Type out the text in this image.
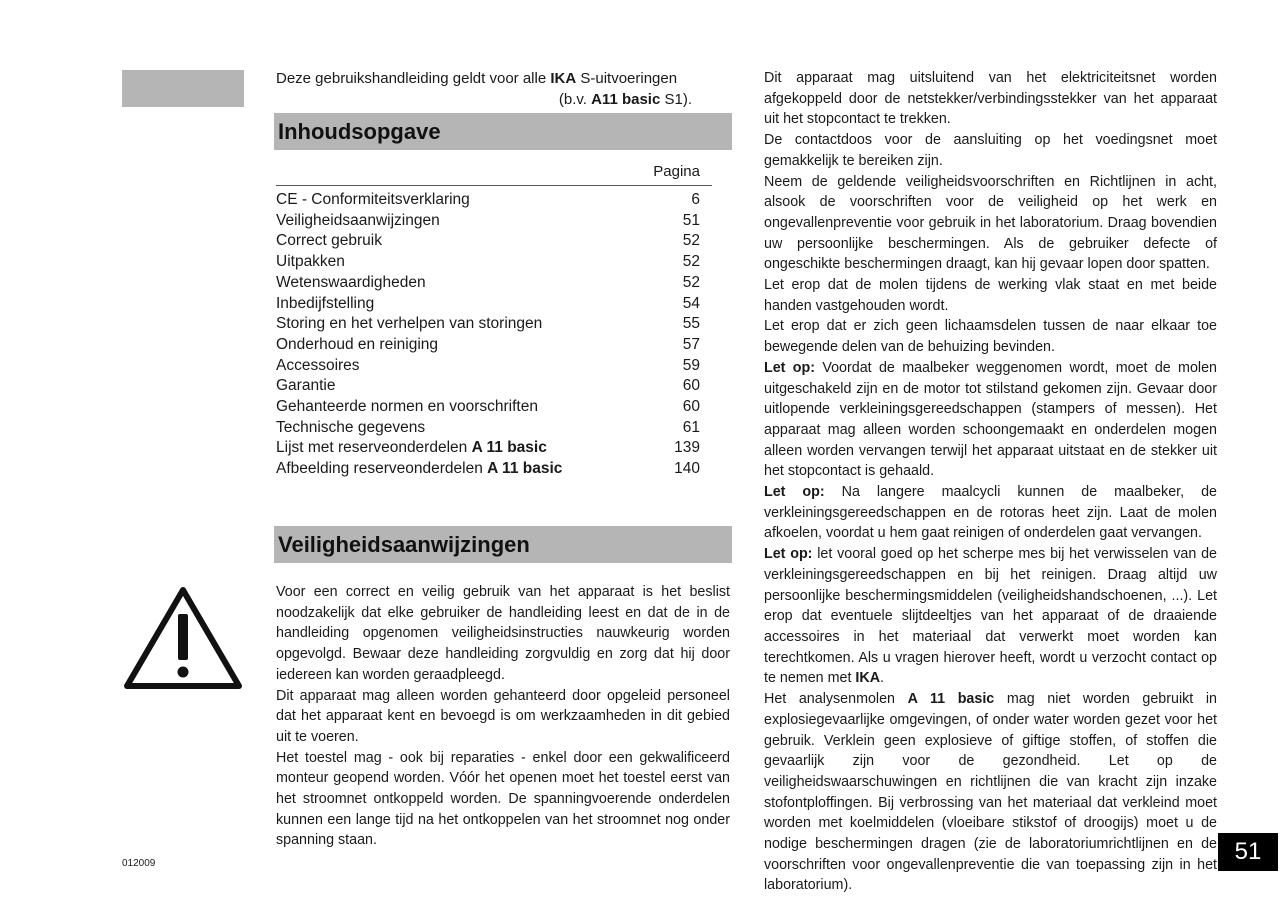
Deze gebruikshandleiding geldt voor alle IKA S-uitvoeringen
(b.v. A11 basic S1).
Inhoudsopgave
Pagina
CE - Conformiteitsverklaring	6
Veiligheidsaanwijzingen	51
Correct gebruik	52
Uitpakken	52
Wetenswaardigheden	52
Inbedijfstelling	54
Storing en het verhelpen van storingen	55
Onderhoud en reiniging	57
Accessoires	59
Garantie	60
Gehanteerde normen en voorschriften	60
Technische gegevens	61
Lijst met reserveonderdelen A 11 basic	139
Afbeelding reserveonderdelen A 11 basic	140
Veiligheidsaanwijzingen

Voor een correct en veilig gebruik van het apparaat is het beslist noodzakelijk dat elke gebruiker de handleiding leest en dat de in de handleiding opgenomen veiligheidsinstructies nauwkeurig worden opgevolgd. Bewaar deze handleiding zorgvuldig en zorg dat hij door iedereen kan worden geraadpleegd.

Dit apparaat mag alleen worden gehanteerd door opgeleid personeel dat het apparaat kent en bevoegd is om werkzaamheden in dit gebied uit te voeren.

Het toestel mag - ook bij reparaties - enkel door een gekwalificeerd monteur geopend worden. Vóór het openen moet het toestel eerst van het stroomnet ontkoppeld worden. De spanningvoerende onderdelen kunnen een lange tijd na het ontkoppelen van het stroomnet nog onder spanning staan.

Dit apparaat mag uitsluitend van het elektriciteitsnet worden afgekoppeld door de netstekker/verbindingsstekker van het apparaat uit het stopcontact te trekken.

De contactdoos voor de aansluiting op het voedingsnet moet gemakkelijk te bereiken zijn.

Neem de geldende veiligheidsvoorschriften en Richtlijnen in acht, alsook de voorschriften voor de veiligheid op het werk en ongevallenpreventie voor gebruik in het laboratorium. Draag bovendien uw persoonlijke beschermingen. Als de gebruiker defecte of ongeschikte beschermingen draagt, kan hij gevaar lopen door spatten.

Let erop dat de molen tijdens de werking vlak staat en met beide handen vastgehouden wordt.

Let erop dat er zich geen lichaamsdelen tussen de naar elkaar toe bewegende delen van de behuizing bevinden.

Let op: Voordat de maalbeker weggenomen wordt, moet de molen uitgeschakeld zijn en de motor tot stilstand gekomen zijn. Gevaar door uitlopende verkleiningsgereedschappen (stampers of messen). Het apparaat mag alleen worden schoongemaakt en onderdelen mogen alleen worden vervangen terwijl het apparaat uitstaat en de stekker uit het stopcontact is gehaald.

Let op: Na langere maalcycli kunnen de maalbeker, de verkleiningsgereedschappen en de rotoras heet zijn. Laat de molen afkoelen, voordat u hem gaat reinigen of onderdelen gaat vervangen.

Let op: let vooral goed op het scherpe mes bij het verwisselen van de verkleiningsgereedschappen en bij het reinigen. Draag altijd uw persoonlijke beschermingsmiddelen (veiligheidshandschoenen, ...). Let erop dat eventuele slijtdeeltjes van het apparaat of de draaiende accessoires in het materiaal dat verwerkt moet worden kan terechtkomen. Als u vragen hierover heeft, wordt u verzocht contact op te nemen met IKA.

Het analysenmolen A 11 basic mag niet worden gebruikt in explosiegevaarlijke omgevingen, of onder water worden gezet voor het gebruik. Verklein geen explosieve of giftige stoffen, of stoffen die gevaarlijk zijn voor de gezondheid. Let op de veiligheidswaarschuwingen en richtlijnen die van kracht zijn inzake stofontploffingen. Bij verbrossing van het materiaal dat verkleind moet worden met koelmiddelen (vloeibare stikstof of droogijs) moet u de nodige beschermingen dragen (zie de laboratoriumrichtlijnen en de voorschriften voor ongevallenpreventie die van toepassing zijn in het laboratorium).

012009	51
